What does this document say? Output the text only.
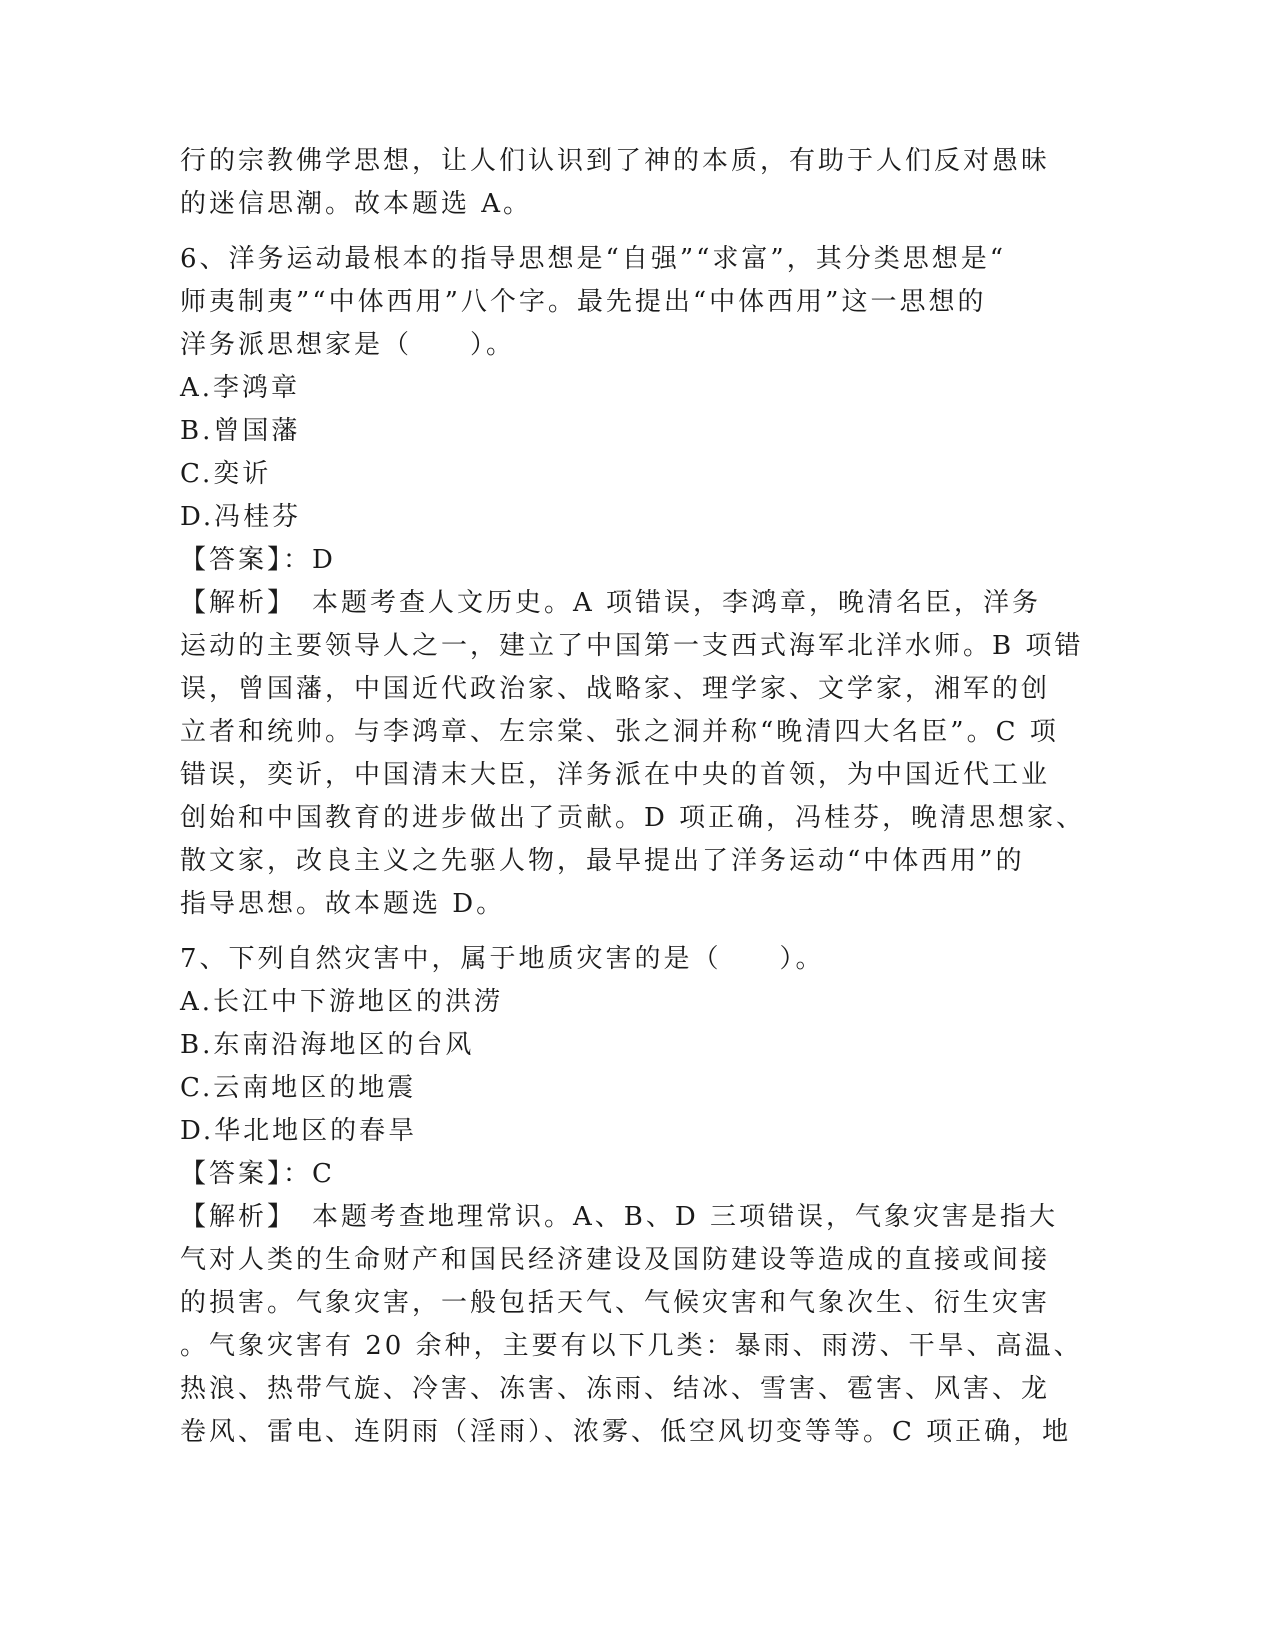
行的宗教佛学思想，让人们认识到了神的本质，有助于人们反对愚昧
的迷信思潮。故本题选 A。
6、洋务运动最根本的指导思想是“自强”“求富”，其分类思想是“
师夷制夷”“中体西用”八个字。最先提出“中体西用”这一思想的
洋务派思想家是（　　）。
A.李鸿章
B.曾国藩
C.奕䜣
D.冯桂芬
【答案】：D
【解析】　本题考查人文历史。A 项错误，李鸿章，晚清名臣，洋务
运动的主要领导人之一，建立了中国第一支西式海军北洋水师。B 项错
误，曾国藩，中国近代政治家、战略家、理学家、文学家，湘军的创
立者和统帅。与李鸿章、左宗棠、张之洞并称“晚清四大名臣”。C 项
错误，奕䜣，中国清末大臣，洋务派在中央的首领，为中国近代工业
创始和中国教育的进步做出了贡献。D 项正确，冯桂芬，晚清思想家、
散文家，改良主义之先驱人物，最早提出了洋务运动“中体西用”的
指导思想。故本题选 D。
7、下列自然灾害中，属于地质灾害的是（　　）。
A.长江中下游地区的洪涝
B.东南沿海地区的台风
C.云南地区的地震
D.华北地区的春旱
【答案】：C
【解析】　本题考查地理常识。A、B、D 三项错误，气象灾害是指大
气对人类的生命财产和国民经济建设及国防建设等造成的直接或间接
的损害。气象灾害，一般包括天气、气候灾害和气象次生、衍生灾害
。气象灾害有 20 余种，主要有以下几类：暴雨、雨涝、干旱、高温、
热浪、热带气旋、冷害、冻害、冻雨、结冰、雪害、雹害、风害、龙
卷风、雷电、连阴雨（淫雨）、浓雾、低空风切变等等。C 项正确，地
